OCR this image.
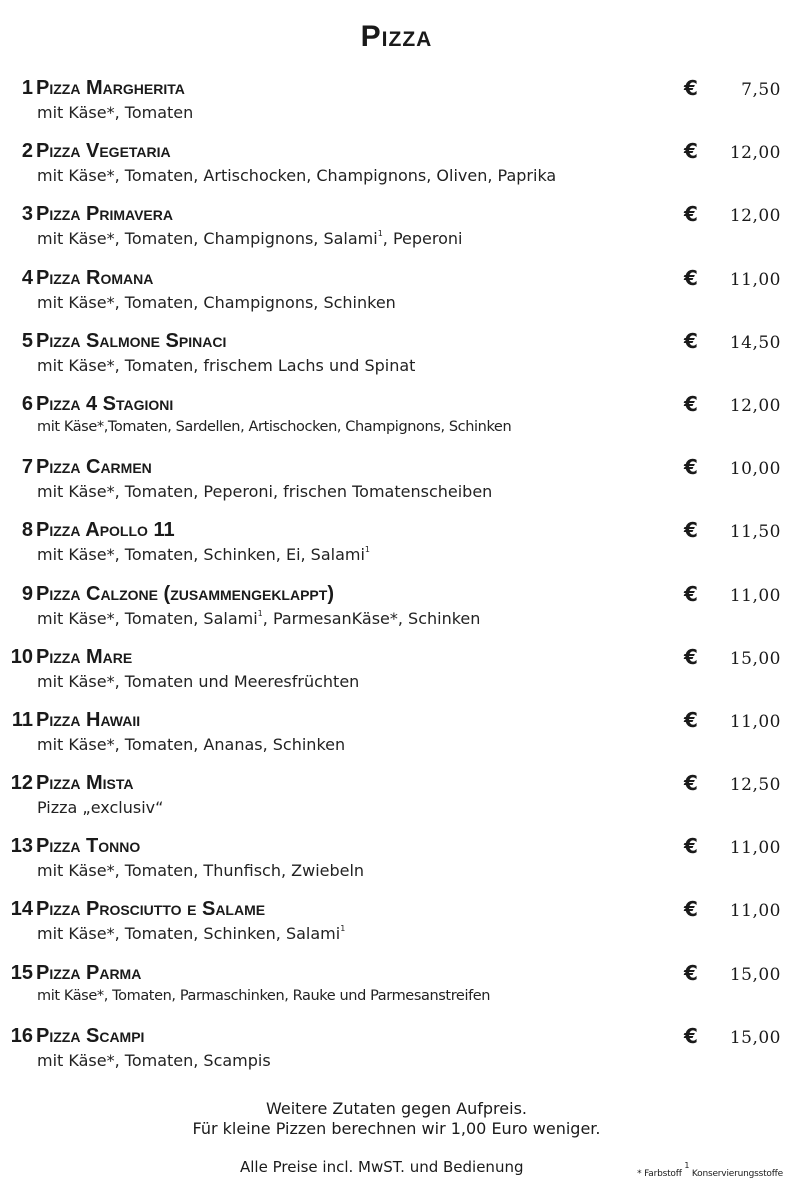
Pizza
1 Pizza Margherita
mit Käse*, Tomaten
€	7,50
2 Pizza Vegetaria
mit Käse*, Tomaten, Artischocken, Champignons, Oliven, Paprika
€ 12,00
3 Pizza Primavera
mit Käse*, Tomaten, Champignons, Salami$^1$, Peperoni
€ 12,00
4 Pizza Romana
mit Käse*, Tomaten, Champignons, Schinken
€ 11,00
5 Pizza Salmone Spinaci
mit Käse*, Tomaten, frischem Lachs und Spinat
€ 14,50
6 Pizza 4 Stagioni
mit Käse*,Tomaten, Sardellen, Artischocken, Champignons, Schinken
€ 12,00
7 Pizza Carmen
mit Käse*, Tomaten, Peperoni, frischen Tomatenscheiben
€ 10,00
8 Pizza Apollo 11
mit Käse*, Tomaten, Schinken, Ei, Salami$^1$
€ 11,50
9 Pizza Calzone (zusammengeklappt)
mit Käse*, Tomaten, Salami$^1$, ParmesanKäse*, Schinken
€ 11,00
10 Pizza Mare
mit Käse*, Tomaten und Meeresfrüchten
€ 15,00
11 Pizza Hawaii
mit Käse*, Tomaten, Ananas, Schinken
€ 11,00
12 Pizza Mista
Pizza „exclusiv“
€ 12,50
13 Pizza Tonno
mit Käse*, Tomaten, Thunfisch, Zwiebeln
€ 11,00
14 Pizza Prosciutto e Salame
mit Käse*, Tomaten, Schinken, Salami$^1$
€ 11,00
15 Pizza Parma
mit Käse*, Tomaten, Parmaschinken, Rauke und Parmesanstreifen
€ 15,00
16 Pizza Scampi
mit Käse*, Tomaten, Scampis
€ 15,00
Weitere Zutaten gegen Aufpreis.
Für kleine Pizzen berechnen wir 1,00 Euro weniger.
Alle Preise incl. MwST. und Bedienung	* Farbstoff 1 Konservierungsstoffe
